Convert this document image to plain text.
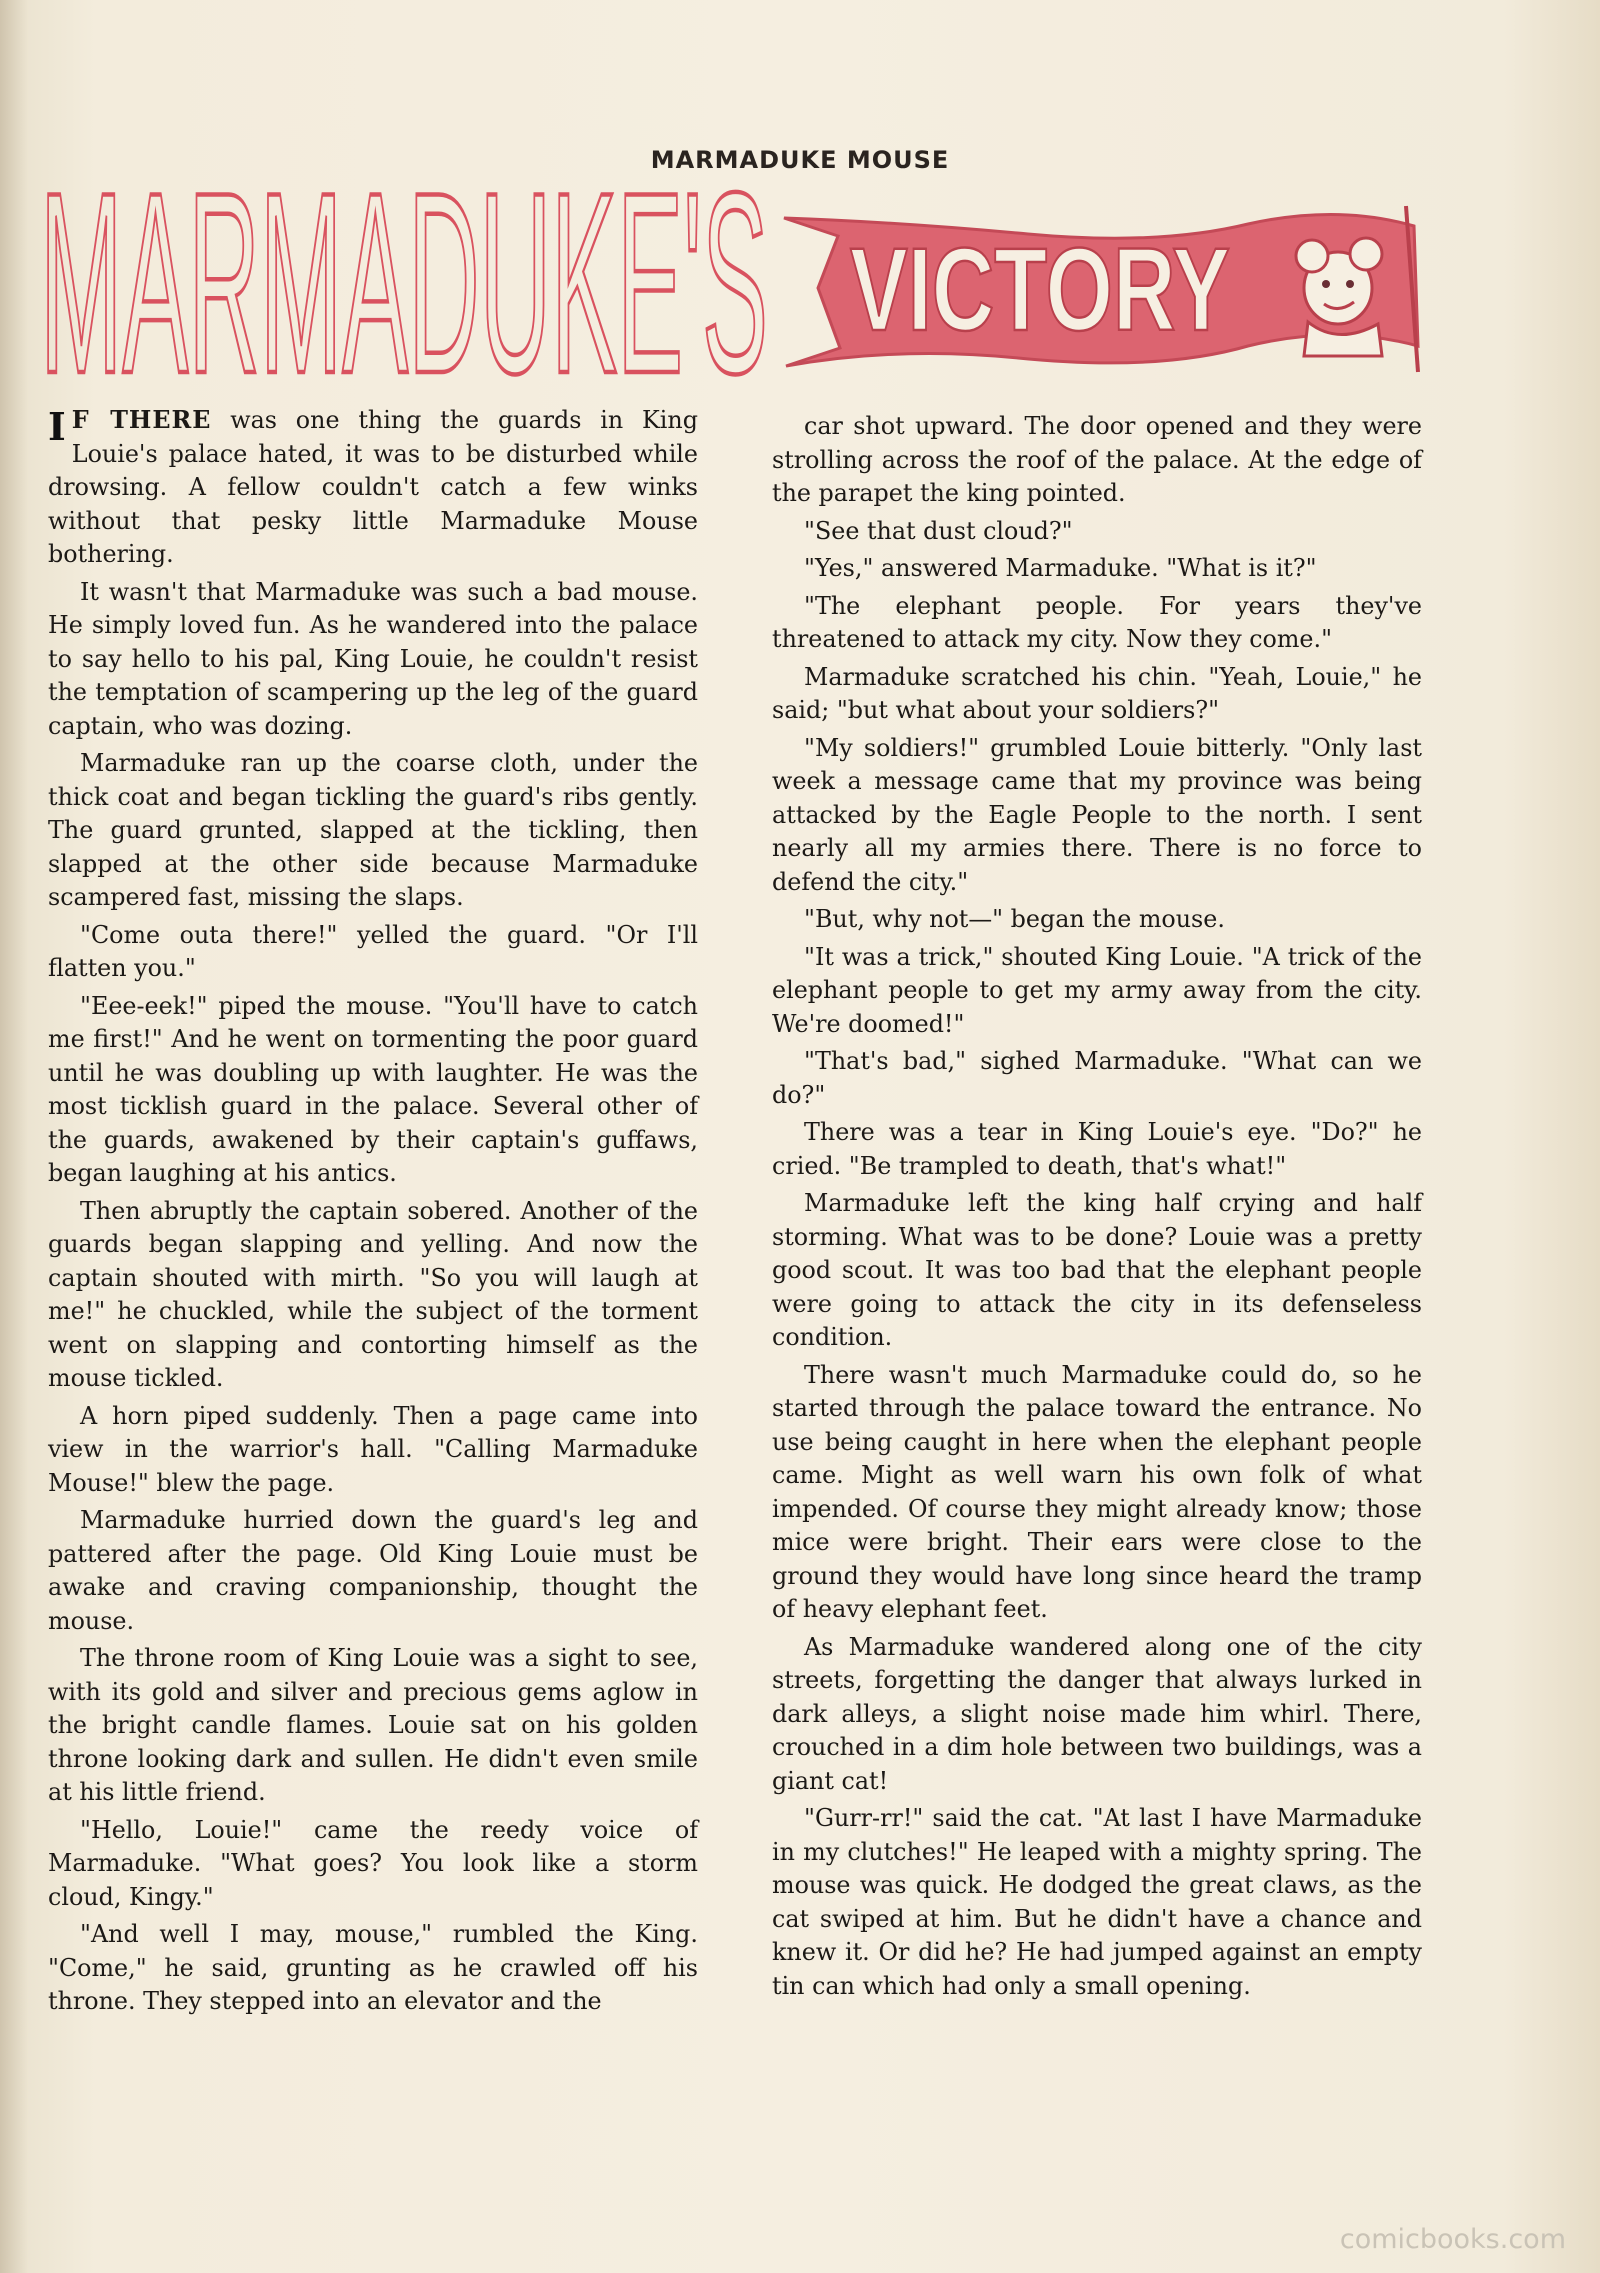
MARMADUKE MOUSE
MARMADUKE'S VICTORY

I F THERE was one thing the guards in King Louie's palace hated, it was to be disturbed while drowsing. A fellow couldn't catch a few winks without that pesky little Marmaduke Mouse bothering.

It wasn't that Marmaduke was such a bad mouse. He simply loved fun. As he wandered into the palace to say hello to his pal, King Louie, he couldn't resist the temptation of scampering up the leg of the guard captain, who was dozing.

Marmaduke ran up the coarse cloth, under the thick coat and began tickling the guard's ribs gently. The guard grunted, slapped at the tickling, then slapped at the other side because Marmaduke scampered fast, missing the slaps.

"Come outa there!" yelled the guard. "Or I'll flatten you."

"Eee-eek!" piped the mouse. "You'll have to catch me first!" And he went on tormenting the poor guard until he was doubling up with laughter. He was the most ticklish guard in the palace. Several other of the guards, awakened by their captain's guffaws, began laughing at his antics.

Then abruptly the captain sobered. Another of the guards began slapping and yelling. And now the captain shouted with mirth. "So you will laugh at me!" he chuckled, while the subject of the torment went on slapping and contorting himself as the mouse tickled.

A horn piped suddenly. Then a page came into view in the warrior's hall. "Calling Marmaduke Mouse!" blew the page.

Marmaduke hurried down the guard's leg and pattered after the page. Old King Louie must be awake and craving companionship, thought the mouse.

The throne room of King Louie was a sight to see, with its gold and silver and precious gems aglow in the bright candle flames. Louie sat on his golden throne looking dark and sullen. He didn't even smile at his little friend.

"Hello, Louie!" came the reedy voice of Marmaduke. "What goes? You look like a storm cloud, Kingy."

"And well I may, mouse," rumbled the King. "Come," he said, grunting as he crawled off his throne. They stepped into an elevator and the

car shot upward. The door opened and they were strolling across the roof of the palace. At the edge of the parapet the king pointed.

"See that dust cloud?"

"Yes," answered Marmaduke. "What is it?"

"The elephant people. For years they've threatened to attack my city. Now they come."

Marmaduke scratched his chin. "Yeah, Louie," he said; "but what about your soldiers?"

"My soldiers!" grumbled Louie bitterly. "Only last week a message came that my province was being attacked by the Eagle People to the north. I sent nearly all my armies there. There is no force to defend the city."

"But, why not—" began the mouse.

"It was a trick," shouted King Louie. "A trick of the elephant people to get my army away from the city. We're doomed!"

"That's bad," sighed Marmaduke. "What can we do?"

There was a tear in King Louie's eye. "Do?" he cried. "Be trampled to death, that's what!"

Marmaduke left the king half crying and half storming. What was to be done? Louie was a pretty good scout. It was too bad that the elephant people were going to attack the city in its defenseless condition.

There wasn't much Marmaduke could do, so he started through the palace toward the entrance. No use being caught in here when the elephant people came. Might as well warn his own folk of what impended. Of course they might already know; those mice were bright. Their ears were close to the ground they would have long since heard the tramp of heavy elephant feet.

As Marmaduke wandered along one of the city streets, forgetting the danger that always lurked in dark alleys, a slight noise made him whirl. There, crouched in a dim hole between two buildings, was a giant cat!

"Gurr-rr!" said the cat. "At last I have Marmaduke in my clutches!" He leaped with a mighty spring. The mouse was quick. He dodged the great claws, as the cat swiped at him. But he didn't have a chance and knew it. Or did he? He had jumped against an empty tin can which had only a small opening.

comicbooks.com
